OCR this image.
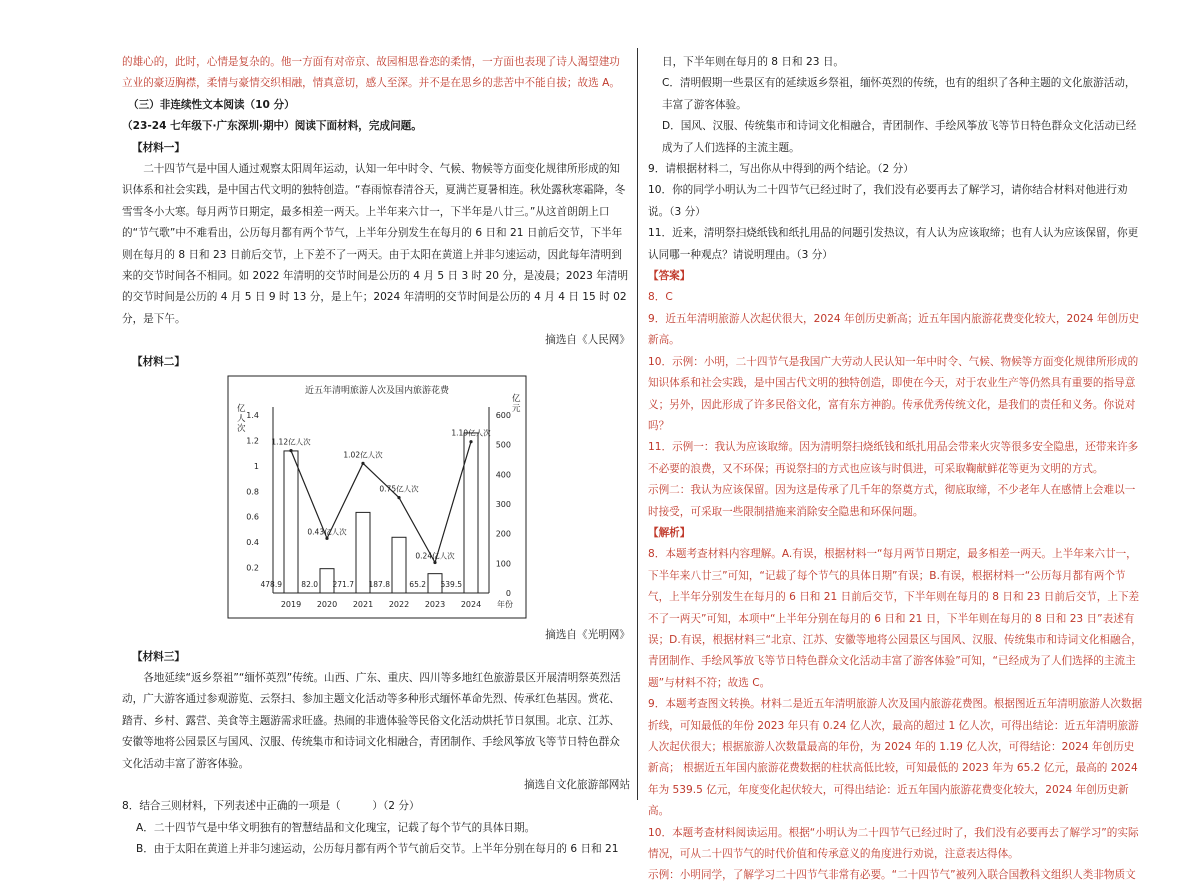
的雄心的，此时，心情是复杂的。他一方面有对帝京、故园相思眷恋的柔情，一方面也表现了诗人渴望建功立业的豪迈胸襟，柔情与豪情交织相融，情真意切，感人至深。并不是在思乡的悲苦中不能自拔；故选 A。

（三）非连续性文本阅读（10 分）

（23-24 七年级下·广东深圳·期中）阅读下面材料，完成问题。

【材料一】

二十四节气是中国人通过观察太阳周年运动，认知一年中时令、气候、物候等方面变化规律所形成的知识体系和社会实践，是中国古代文明的独特创造。“春雨惊春清谷天，夏满芒夏暑相连。秋处露秋寒霜降，冬雪雪冬小大寒。每月两节日期定，最多相差一两天。上半年来六廿一，下半年是八廿三。”从这首朗朗上口的“节气歌”中不难看出，公历每月都有两个节气，上半年分别发生在每月的 6 日和 21 日前后交节，下半年则在每月的 8 日和 23 日前后交节，上下差不了一两天。由于太阳在黄道上并非匀速运动，因此每年清明到来的交节时间各不相同。如 2022 年清明的交节时间是公历的 4 月 5 日 3 时 20 分，是凌晨；2023 年清明的交节时间是公历的 4 月 5 日 9 时 13 分，是上午；2024 年清明的交节时间是公历的 4 月 4 日 15 时 02 分，是下午。

摘选自《人民网》

【材料二】

近五年清明旅游人次及国内旅游花费
亿
人
次
亿
元
0.2
0.4
0.6
0.8
1
1.2
1.4
0
100
200
300
400
500
600
2019 2020 2021 2022 2023 2024 年份
478.9	82.0 271.7 187.8	65.2 539.5
1.12亿人次
0.43亿人次
1.02亿人次
0.75亿人次
0.24亿人次
1.19亿人次

摘选自《光明网》

【材料三】

各地延续“返乡祭祖”“缅怀英烈”传统。山西、广东、重庆、四川等多地红色旅游景区开展清明祭英烈活动，广大游客通过参观游览、云祭扫、参加主题文化活动等多种形式缅怀革命先烈、传承红色基因。赏花、踏青、乡村、露营、美食等主题游需求旺盛。热闹的非遗体验等民俗文化活动烘托节日氛围。北京、江苏、安徽等地将公园景区与国风、汉服、传统集市和诗词文化相融合，青团制作、手绘风筝放飞等节日特色群众文化活动丰富了游客体验。

摘选自文化旅游部网站

8．结合三则材料，下列表述中正确的一项是（　　　）（2 分）

A．二十四节气是中华文明独有的智慧结晶和文化瑰宝，记载了每个节气的具体日期。

B．由于太阳在黄道上并非匀速运动，公历每月都有两个节气前后交节。上半年分别在每月的 6 日和 21

日，下半年则在每月的 8 日和 23 日。

C．清明假期一些景区有的延续返乡祭祖，缅怀英烈的传统，也有的组织了各种主题的文化旅游活动，丰富了游客体验。

D．国风、汉服、传统集市和诗词文化相融合，青团制作、手绘风筝放飞等节日特色群众文化活动已经成为了人们选择的主流主题。

9．请根据材料二，写出你从中得到的两个结论。（2 分）

10．你的同学小明认为二十四节气已经过时了，我们没有必要再去了解学习，请你结合材料对他进行劝说。（3 分）

11．近来，清明祭扫烧纸钱和纸扎用品的问题引发热议，有人认为应该取缔；也有人认为应该保留，你更认同哪一种观点？请说明理由。（3 分）

【答案】

8．C

9．近五年清明旅游人次起伏很大，2024 年创历史新高；近五年国内旅游花费变化较大，2024 年创历史新高。

10．示例：小明，二十四节气是我国广大劳动人民认知一年中时令、气候、物候等方面变化规律所形成的知识体系和社会实践，是中国古代文明的独特创造，即使在今天，对于农业生产等仍然具有重要的指导意义；另外，因此形成了许多民俗文化，富有东方神韵。传承优秀传统文化，是我们的责任和义务。你说对吗？

11．示例一：我认为应该取缔。因为清明祭扫烧纸钱和纸扎用品会带来火灾等很多安全隐患，还带来许多不必要的浪费，又不环保；再说祭扫的方式也应该与时俱进，可采取鞠献鲜花等更为文明的方式。

示例二：我认为应该保留。因为这是传承了几千年的祭奠方式，彻底取缔，不少老年人在感情上会难以一时接受，可采取一些限制措施来消除安全隐患和环保问题。

【解析】

8．本题考查材料内容理解。A.有误，根据材料一“每月两节日期定，最多相差一两天。上半年来六廿一，下半年来八廿三”可知，“记载了每个节气的具体日期”有误；B.有误，根据材料一“公历每月都有两个节气，上半年分别发生在每月的 6 日和 21 日前后交节，下半年则在每月的 8 日和 23 日前后交节，上下差不了一两天”可知，本项中“上半年分别在每月的 6 日和 21 日，下半年则在每月的 8 日和 23 日”表述有误；D.有误，根据材料三“北京、江苏、安徽等地将公园景区与国风、汉服、传统集市和诗词文化相融合，青团制作、手绘风筝放飞等节日特色群众文化活动丰富了游客体验”可知，“已经成为了人们选择的主流主题”与材料不符；故选 C。

9．本题考查图文转换。材料二是近五年清明旅游人次及国内旅游花费图。根据图近五年清明旅游人次数据折线，可知最低的年份 2023 年只有 0.24 亿人次，最高的超过 1 亿人次，可得出结论：近五年清明旅游人次起伏很大；根据旅游人次数量最高的年份，为 2024 年的 1.19 亿人次，可得结论：2024 年创历史新高； 根据近五年国内旅游花费数据的柱状高低比较，可知最低的 2023 年为 65.2 亿元，最高的 2024 年为 539.5 亿元，年度变化起伏较大，可得出结论：近五年国内旅游花费变化较大，2024 年创历史新高。

10．本题考查材料阅读运用。根据“小明认为二十四节气已经过时了，我们没有必要再去了解学习”的实际情况，可从二十四节气的时代价值和传承意义的角度进行劝说，注意表达得体。

示例：小明同学，了解学习二十四节气非常有必要。“二十四节气”被列入联合国教科文组织人类非物质文
